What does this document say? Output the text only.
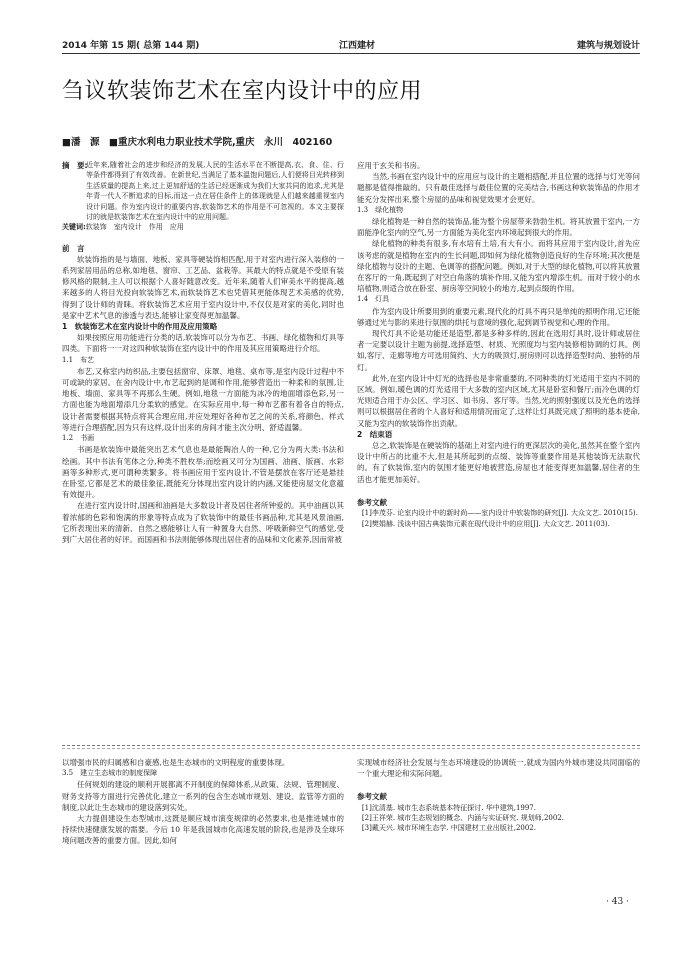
2014 年第 15 期( 总第 144 期)	江西建材	建筑与规划设计
刍议软装饰艺术在室内设计中的应用
■潘　源　■重庆水利电力职业技术学院,重庆　永川　402160
摘　要:
近年来,随着社会的进步和经济的发展,人民的生活水平在不断提高,衣、食、住、行等条件都得到了有效改善。在新世纪,当满足了基本温饱问题后,人们便将目光转移到生活质量的提高上来,过上更加舒适的生活已经逐渐成为我们大家共同的追求,尤其是年青一代人不断追求的目标,而这一点在居住条件上的体现就是人们越来越重视室内设计问题。作为室内设计的重要内容,软装饰艺术的作用是不可忽视的。本文主要探讨的就是软装饰艺术在室内设计中的应用问题。
关键词:软装饰　室内设计　作用　应用
前　言
软装饰指的是与墙面、地板、家具等硬装饰相匹配,用于对室内进行深入装修的一系列家居用品的总称,如地毯、窗帘、工艺品、盆栽等。其最大的特点就是不受原有装修风格的限制,主人可以根据个人喜好随意改变。近年来,随着人们审美水平的提高,越来越多的人将目光投向软装饰艺术,而软装饰艺术也凭借其更能体现艺术美感的优势,得到了设计师的青睐。将软装饰艺术应用于室内设计中,不仅仅是对家的美化,同时也是家中艺术气息的渗透与表达,能够让家变得更加温馨。
1　软装饰艺术在室内设计中的作用及应用策略
如果按照应用功能进行分类的话,软装饰可以分为布艺、书画、绿化植物和灯具等四类。下面将一一对这四种软装饰在室内设计中的作用及其应用策略进行介绍。
1.1　布艺
布艺,又称室内纺织品,主要包括窗帘、床罩、地毯、桌布等,是室内设计过程中不可或缺的家居。在舍内设计中,布艺起到的是调和作用,能够营造出一种柔和的氛围,让地板、墙面、家具等不再那么生硬。例如,地毯一方面能为冰冷的地面增添色彩,另一方面也能为地面增添几分柔软的感觉。在实际应用中,每一种布艺都有着各自的特点,设计者需要根据其特点将其合理应用,并应处理好各种布艺之间的关系,将颜色、样式等进行合理搭配,因为只有这样,设计出来的房间才能主次分明、舒适温馨。
1.2　书画
书画是软装饰中最能突出艺术气息也是最能陶冶人的一种,它分为两大类:书法和绘画。其中书法有笔体之分,种类不胜枚举;而绘画又可分为国画、油画、版画、水彩画等多种形式,更可谓种类繁多。将书画应用于室内设计,不管是摆放在客厅还是悬挂在卧室,它都是艺术的最佳象征,既能充分体现出室内设计的内涵,又能使房屋文化意蕴有效提升。
在进行室内设计时,国画和油画是大多数设计者及居住者所钟爱的。其中油画以其着浓郁的色彩和饱满的形象等特点成为了软装饰中的最佳书画品种,尤其是风景油画,它所表现出来的清新、自然之感能够让人有一种置身大自然、呼吸新鲜空气的感觉,受到广大居住者的好评。而国画和书法则能够体现出居住者的品味和文化素养,因而常被
应用于玄关和书房。
当然,书画在室内设计中的应用应与设计的主题相搭配,并且位置的选择与灯光等问题都是值得推敲的。只有最佳选择与最佳位置的完美结合,书画这种软装饰品的作用才能充分发挥出来,整个房屋的品味和视觉效果才会更好。
1.3　绿化植物
绿化植物是一种自然的装饰品,能为整个房屋带来勃勃生机。将其放置于室内,一方面能净化室内的空气,另一方面能为美化室内环境起到很大的作用。
绿化植物的种类有很多,有水培有土培,有大有小。而将其应用于室内设计,首先应该考虑的就是植物在室内的生长问题,即如何为绿化植物创造良好的生存环境;其次便是绿化植物与设计的主题、色调等的搭配问题。例如,对于大型的绿化植物,可以将其放置在客厅的一角,既起到了对空白角落的填补作用,又能为室内增添生机。而对于较小的水培植物,则适合放在卧室、厨房等空间较小的地方,起到点缀的作用。
1.4　灯具
作为室内设计所要用到的重要元素,现代化的灯具不再只是单纯的照明作用,它还能够通过光与影的来进行氛围的烘托与意境的强化,起到调节视觉和心理的作用。
现代灯具不论是功能还是造型,都是多种多样的,因此在选用灯具时,设计师或居住者一定要以设计主题为前提,选择造型、材质、光照度均与室内装修相协调的灯具。例如,客厅、走廊等地方可选用简约、大方的吸顶灯,厨房则可以选择造型时尚、独特的吊灯。
此外,在室内设计中灯光的选择也是非常重要的,不同种类的灯光适用于室内不同的区域。例如,暖色调的灯光适用于大多数的室内区域,尤其是卧室和餐厅;而冷色调的灯光则适合用于办公区、学习区、如书房、客厅等。当然,光的照射强度以及光色的选择则可以根据居住者的个人喜好和适用情况而定了,这样让灯具既完成了照明的基本使命,又能为室内的软装饰作出贡献。
2　结束语
总之,软装饰是在硬装饰的基础上对室内进行的更深层次的美化,虽然其在整个室内设计中所占的比重不大,但是其所起到的点缀、装饰等重要作用是其他装饰无法取代的。有了软装饰,室内的氛围才能更好地被营造,房屋也才能变得更加温馨,居住者的生活也才能更加美好。
参考文献
[1]李茂芬. 论室内设计中的新时尚——室内设计中软装饰的研究[J]. 大众文艺. 2010(15).
[2]樊娟赫. 浅谈中国古典装饰元素在现代设计中的应用[J]. 大众文艺. 2011(03).
以增强市民的归属感和自豪感,也是生态城市的文明程度的重要体现。
3.5　建立生态城市的制度保障
任何规划的建设的顺利开展都离不开制度的保障体系,从政策、法规、管理制度、财务支持等方面进行完善优化,建立一系列的包含生态城市规划、建设、监管等方面的制度,以此让生态城市的建设落到实处。
大力提倡建设生态型城市,这既是顺应城市演变规律的必然要求,也是推进城市的持续快速健康发展的需要。今后 10 年是我国城市化高速发展的阶段,也是涉及全球环境问题改善的重要方面。因此,如何
实现城市经济社会发展与生态环境建设的协调统一,就成为国内外城市建设共同面临的一个重大理论和实际问题。
参考文献
[1]沈清基. 城市生态系统基本特征探讨. 华中建筑,1997.
[2]王祥荣. 城市生态规划的概念、内涵与实证研究. 规划师,2002.
[3]戴天兴. 城市环境生态学. 中国建材工业出版社,2002.
· 43 ·
